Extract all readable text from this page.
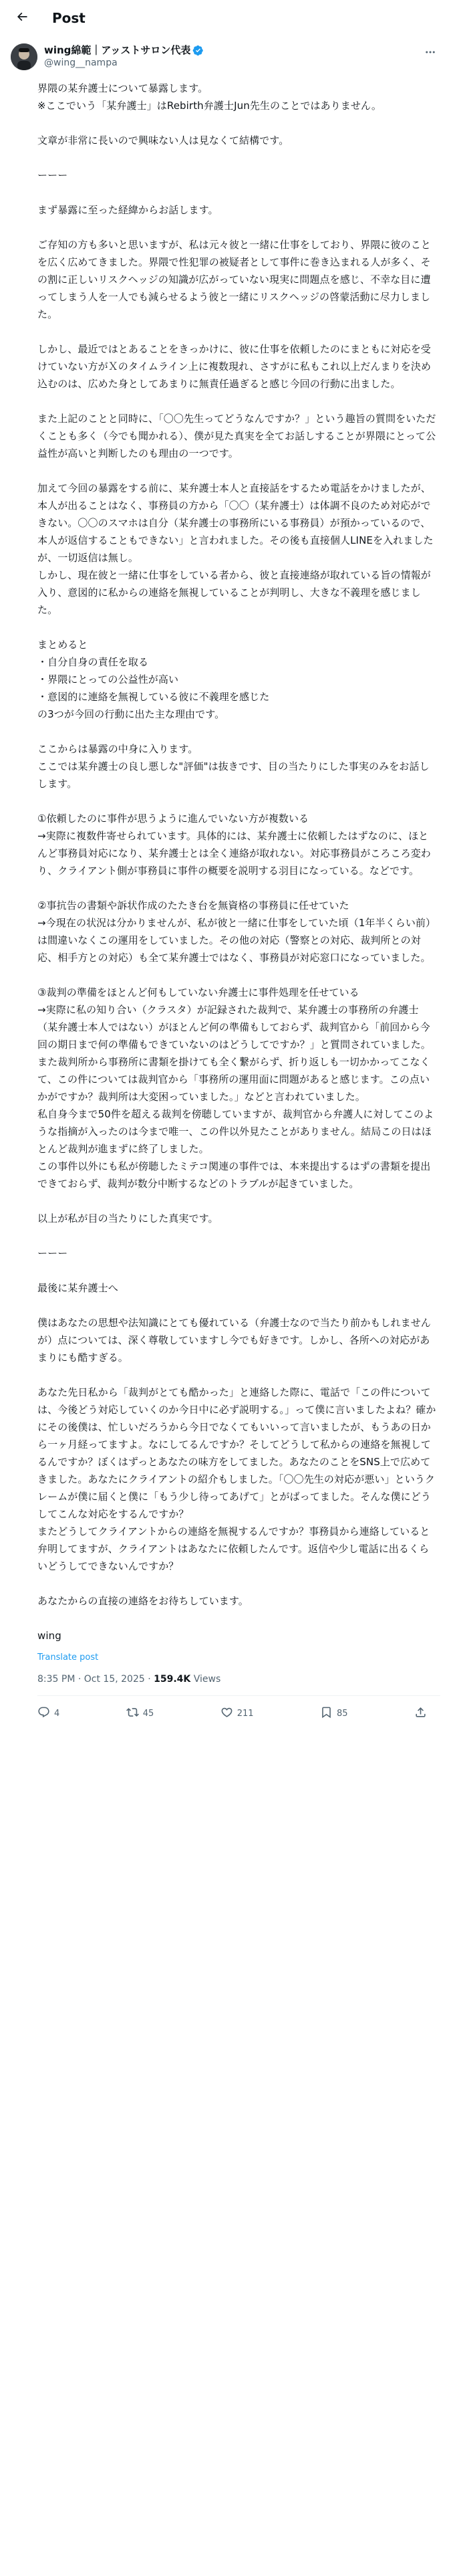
Post
wing綿範｜アッストサロン代表
@wing__nampa
界隈の某弁護士について暴露します。
※ここでいう「某弁護士」はRebirth弁護士Jun先生のことではありません。
文章が非常に長いので興味ない人は見なくて結構です。
ーーー
まず暴露に至った経緯からお話します。
ご存知の方も多いと思いますが、私は元々彼と一緒に仕事をしており、界隈に彼のことを広く広めてきました。界隈で性犯罪の被疑者として事件に巻き込まれる人が多く、その割に正しいリスクヘッジの知識が広がっていない現実に問題点を感じ、不幸な目に遭ってしまう人を一人でも減らせるよう彼と一緒にリスクヘッジの啓蒙活動に尽力しました。
しかし、最近ではとあることをきっかけに、彼に仕事を依頼したのにまともに対応を受けていない方がＸのタイムライン上に複数現れ、さすがに私もこれ以上だんまりを決め込むのは、広めた身としてあまりに無責任過ぎると感じ今回の行動に出ました。
また上記のことと同時に、「〇〇先生ってどうなんですか？」という趣旨の質問をいただくことも多く（今でも聞かれる）、僕が見た真実を全てお話しすることが界隈にとって公益性が高いと判断したのも理由の一つです。
加えて今回の暴露をする前に、某弁護士本人と直接話をするため電話をかけましたが、本人が出ることはなく、事務員の方から「〇〇（某弁護士）は体調不良のため対応ができない。〇〇のスマホは自分（某弁護士の事務所にいる事務員）が預かっているので、本人が返信することもできない」と言われました。その後も直接個人LINEを入れましたが、一切返信は無し。
しかし、現在彼と一緒に仕事をしている者から、彼と直接連絡が取れている旨の情報が入り、意図的に私からの連絡を無視していることが判明し、大きな不義理を感じました。
まとめると
・自分自身の責任を取る
・界隈にとっての公益性が高い
・意図的に連絡を無視している彼に不義理を感じた
の3つが今回の行動に出た主な理由です。
ここからは暴露の中身に入ります。
ここでは某弁護士の良し悪しな"評価"は抜きです、目の当たりにした事実のみをお話しします。
①依頼したのに事件が思うように進んでいない方が複数いる
→実際に複数件寄せられています。具体的には、某弁護士に依頼したはずなのに、ほとんど事務員対応になり、某弁護士とは全く連絡が取れない。対応事務員がころころ変わり、クライアント側が事務員に事件の概要を説明する羽目になっている。などです。
②事抗告の書類や訴状作成のたたき台を無資格の事務員に任せていた
→今現在の状況は分かりませんが、私が彼と一緒に仕事をしていた頃（1年半くらい前）は間違いなくこの運用をしていました。その他の対応（警察との対応、裁判所との対応、相手方との対応）も全て某弁護士ではなく、事務員が対応窓口になっていました。
③裁判の準備をほとんど何もしていない弁護士に事件処理を任せている
→実際に私の知り合い（クラスタ）が記録された裁判で、某弁護士の事務所の弁護士（某弁護士本人ではない）がほとんど何の準備もしておらず、裁判官から「前回から今回の期日まで何の準備もできていないのはどうしてですか？」と質問されていました。また裁判所から事務所に書類を掛けても全く繋がらず、折り返しも一切かかってこなくて、この件については裁判官から「事務所の運用面に問題があると感じます。この点いかがですか？裁判所は大変困っていました。」などと言われていました。
私自身今まで50件を超える裁判を傍聴していますが、裁判官から弁護人に対してこのような指摘が入ったのは今まで唯一、この件以外見たことがありません。結局この日はほとんど裁判が進まずに終了しました。
この事件以外にも私が傍聴したミテコ関連の事件では、本来提出するはずの書類を提出できておらず、裁判が数分中断するなどのトラブルが起きていました。
以上が私が目の当たりにした真実です。
ーーー
最後に某弁護士へ
僕はあなたの思想や法知識にとても優れている（弁護士なので当たり前かもしれませんが）点については、深く尊敬していますし今でも好きです。しかし、各所への対応があまりにも酷すぎる。
あなた先日私から「裁判がとても酷かった」と連絡した際に、電話で「この件については、今後どう対応していくのか今日中に必ず説明する。」って僕に言いましたよね？確かにその後僕は、忙しいだろうから今日でなくてもいいって言いましたが、もうあの日から一ヶ月経ってますよ。なにしてるんですか？そしてどうして私からの連絡を無視してるんですか？ぼくはずっとあなたの味方をしてました。あなたのことをSNS上で広めてきました。あなたにクライアントの紹介もしました。「〇〇先生の対応が悪い」というクレームが僕に届くと僕に「もう少し待ってあげて」とがばってました。そんな僕にどうしてこんな対応をするんですか？
またどうしてクライアントからの連絡を無視するんですか？事務員から連絡していると弁明してますが、クライアントはあなたに依頼したんです。返信や少し電話に出るくらいどうしてできないんですか？
あなたからの直接の連絡をお待ちしています。
wing
Translate post
8:35 PM · Oct 15, 2025 · 159.4K Views
4	45	211	85
